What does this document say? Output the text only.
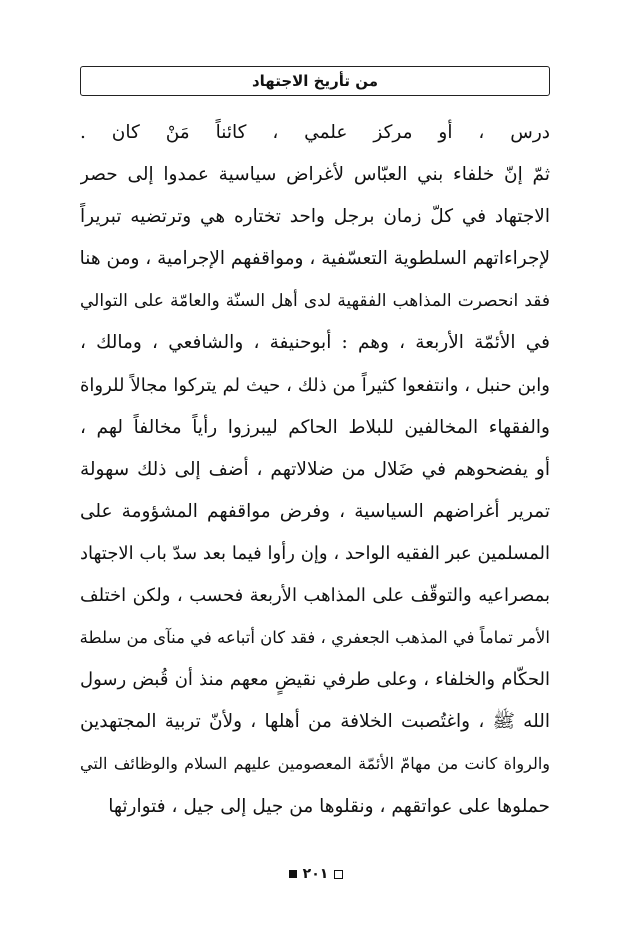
من تأريخ الاجتهاد
درس ، أو مركز علمي ، كائناً مَنْ كان .
ثمّ إنّ خلفاء بني العبّاس لأغراض سياسية عمدوا إلى حصر
الاجتهاد في كلّ زمان برجل واحد تختاره هي وترتضيه تبريراً
لإجراءاتهم السلطوية التعسّفية ، ومواقفهم الإجرامية ، ومن هنا
فقد انحصرت المذاهب الفقهية لدى أهل السنّة والعامّة على التوالي
في الأئمّة الأربعة ، وهم : أبوحنيفة ، والشافعي ، ومالك ،
وابن حنبل ، وانتفعوا كثيراً من ذلك ، حيث لم يتركوا مجالاً للرواة
والفقهاء المخالفين للبلاط الحاكم ليبرزوا رأياً مخالفاً لهم ،
أو يفضحوهم في ضَلال من ضلالاتهم ، أضف إلى ذلك سهولة
تمرير أغراضهم السياسية ، وفرض مواقفهم المشؤومة على
المسلمين عبر الفقيه الواحد ، وإن رأوا فيما بعد سدّ باب الاجتهاد
بمصراعيه والتوقّف على المذاهب الأربعة فحسب ، ولكن اختلف
الأمر تماماً في المذهب الجعفري ، فقد كان أتباعه في منآى من سلطة
الحكّام والخلفاء ، وعلى طرفي نقيضٍ معهم منذ أن قُبض رسول
الله ﷺ ، واغتُصبت الخلافة من أهلها ، ولأنّ تربية المجتهدين
والرواة كانت من مهامّ الأئمّة المعصومين عليهم السلام والوظائف التي
حملوها على عواتقهم ، ونقلوها من جيل إلى جيل ، فتوارثها
٢٠١
